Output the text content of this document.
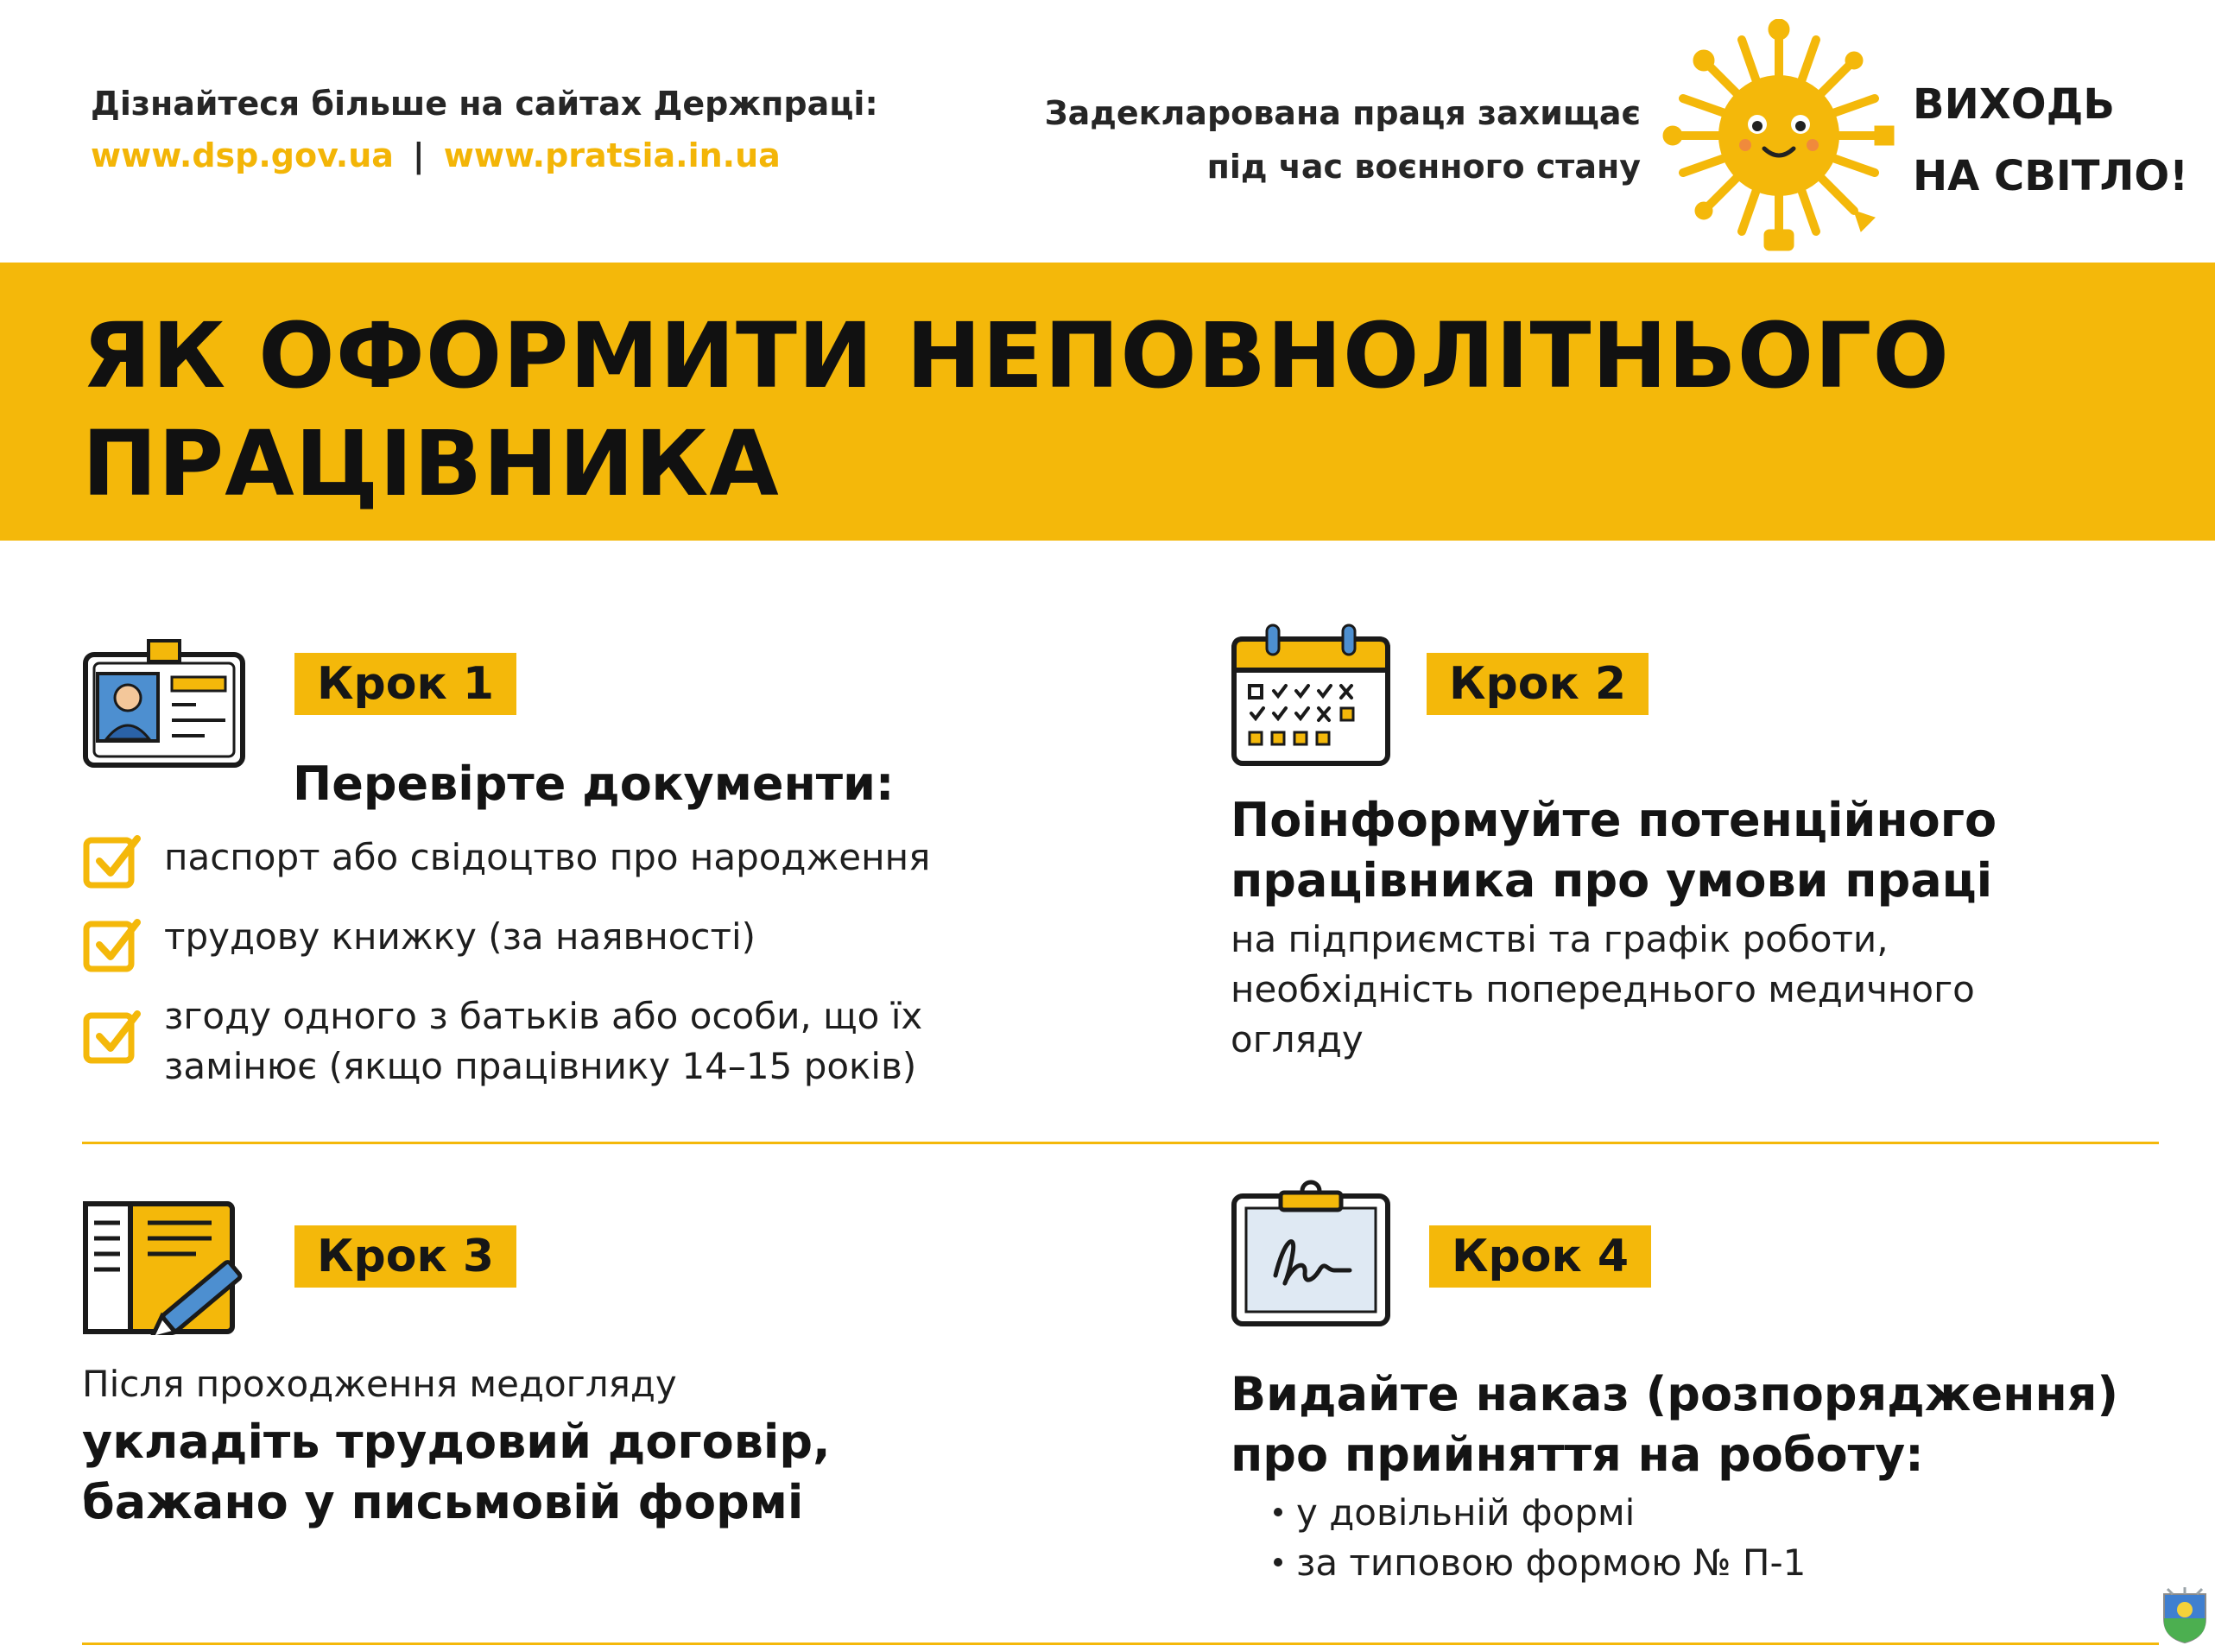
Дізнайтеся більше на сайтах Держпраці:
www.dsp.gov.ua | www.pratsia.in.ua
Задекларована праця захищає
під час воєнного стану
ВИХОДЬ
НА СВІТЛО!
ЯК ОФОРМИТИ НЕПОВНОЛІТНЬОГО
ПРАЦІВНИКА
Крок 1
Перевірте документи:
паспорт або свідоцтво про народження
трудову книжку (за наявності)
згоду одного з батьків або особи, що їх
замінює (якщо працівнику 14–15 років)
Крок 2
Поінформуйте потенційного
працівника про умови праці
на підприємстві та графік роботи,
необхідність попереднього медичного
огляду
Крок 3
Після проходження медогляду
укладіть трудовий договір,
бажано у письмовій формі
Крок 4
Видайте наказ (розпорядження)
про прийняття на роботу:
у довільній формі
за типовою формою № П-1
